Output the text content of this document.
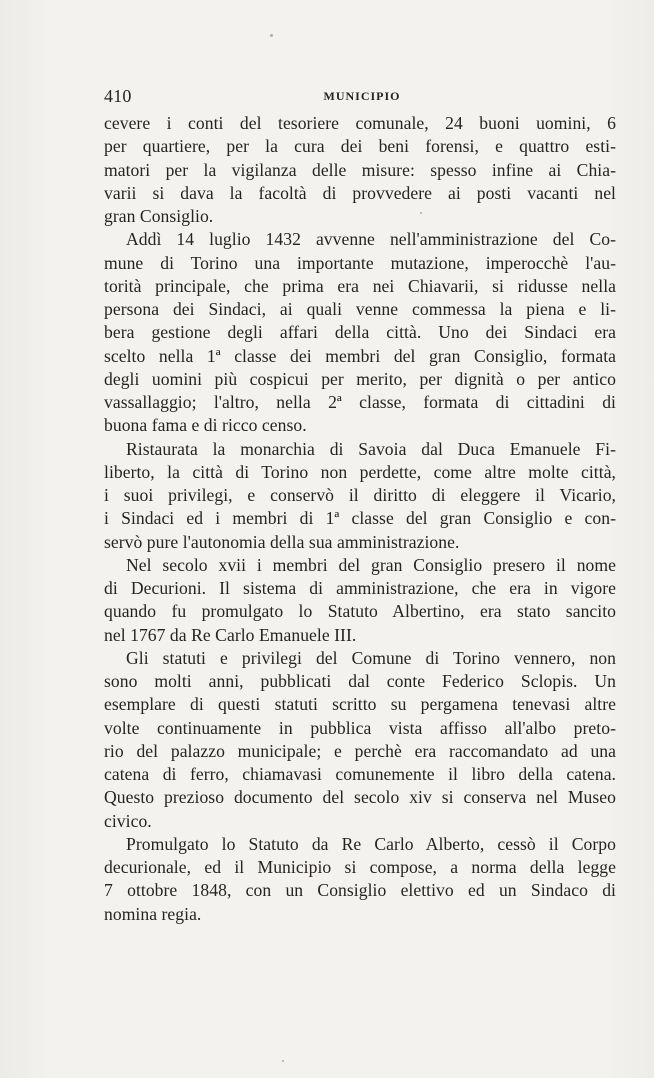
410	MUNICIPIO
cevere i conti del tesoriere comunale, 24 buoni uomini, 6
per quartiere, per la cura dei beni forensi, e quattro esti-
matori per la vigilanza delle misure: spesso infine ai Chia-
varii si dava la facoltà di provvedere ai posti vacanti nel
gran Consiglio.
Addì 14 luglio 1432 avvenne nell'amministrazione del Co-
mune di Torino una importante mutazione, imperocchè l'au-
torità principale, che prima era nei Chiavarii, si ridusse nella
persona dei Sindaci, ai quali venne commessa la piena e li-
bera gestione degli affari della città. Uno dei Sindaci era
scelto nella 1ª classe dei membri del gran Consiglio, formata
degli uomini più cospicui per merito, per dignità o per antico
vassallaggio; l'altro, nella 2ª classe, formata di cittadini di
buona fama e di ricco censo.
Ristaurata la monarchia di Savoia dal Duca Emanuele Fi-
liberto, la città di Torino non perdette, come altre molte città,
i suoi privilegi, e conservò il diritto di eleggere il Vicario,
i Sindaci ed i membri di 1ª classe del gran Consiglio e con-
servò pure l'autonomia della sua amministrazione.
Nel secolo xvii i membri del gran Consiglio presero il nome
di Decurioni. Il sistema di amministrazione, che era in vigore
quando fu promulgato lo Statuto Albertino, era stato sancito
nel 1767 da Re Carlo Emanuele III.
Gli statuti e privilegi del Comune di Torino vennero, non
sono molti anni, pubblicati dal conte Federico Sclopis. Un
esemplare di questi statuti scritto su pergamena tenevasi altre
volte continuamente in pubblica vista affisso all'albo preto-
rio del palazzo municipale; e perchè era raccomandato ad una
catena di ferro, chiamavasi comunemente il libro della catena.
Questo prezioso documento del secolo xiv si conserva nel Museo
civico.
Promulgato lo Statuto da Re Carlo Alberto, cessò il Corpo
decurionale, ed il Municipio si compose, a norma della legge
7 ottobre 1848, con un Consiglio elettivo ed un Sindaco di
nomina regia.
